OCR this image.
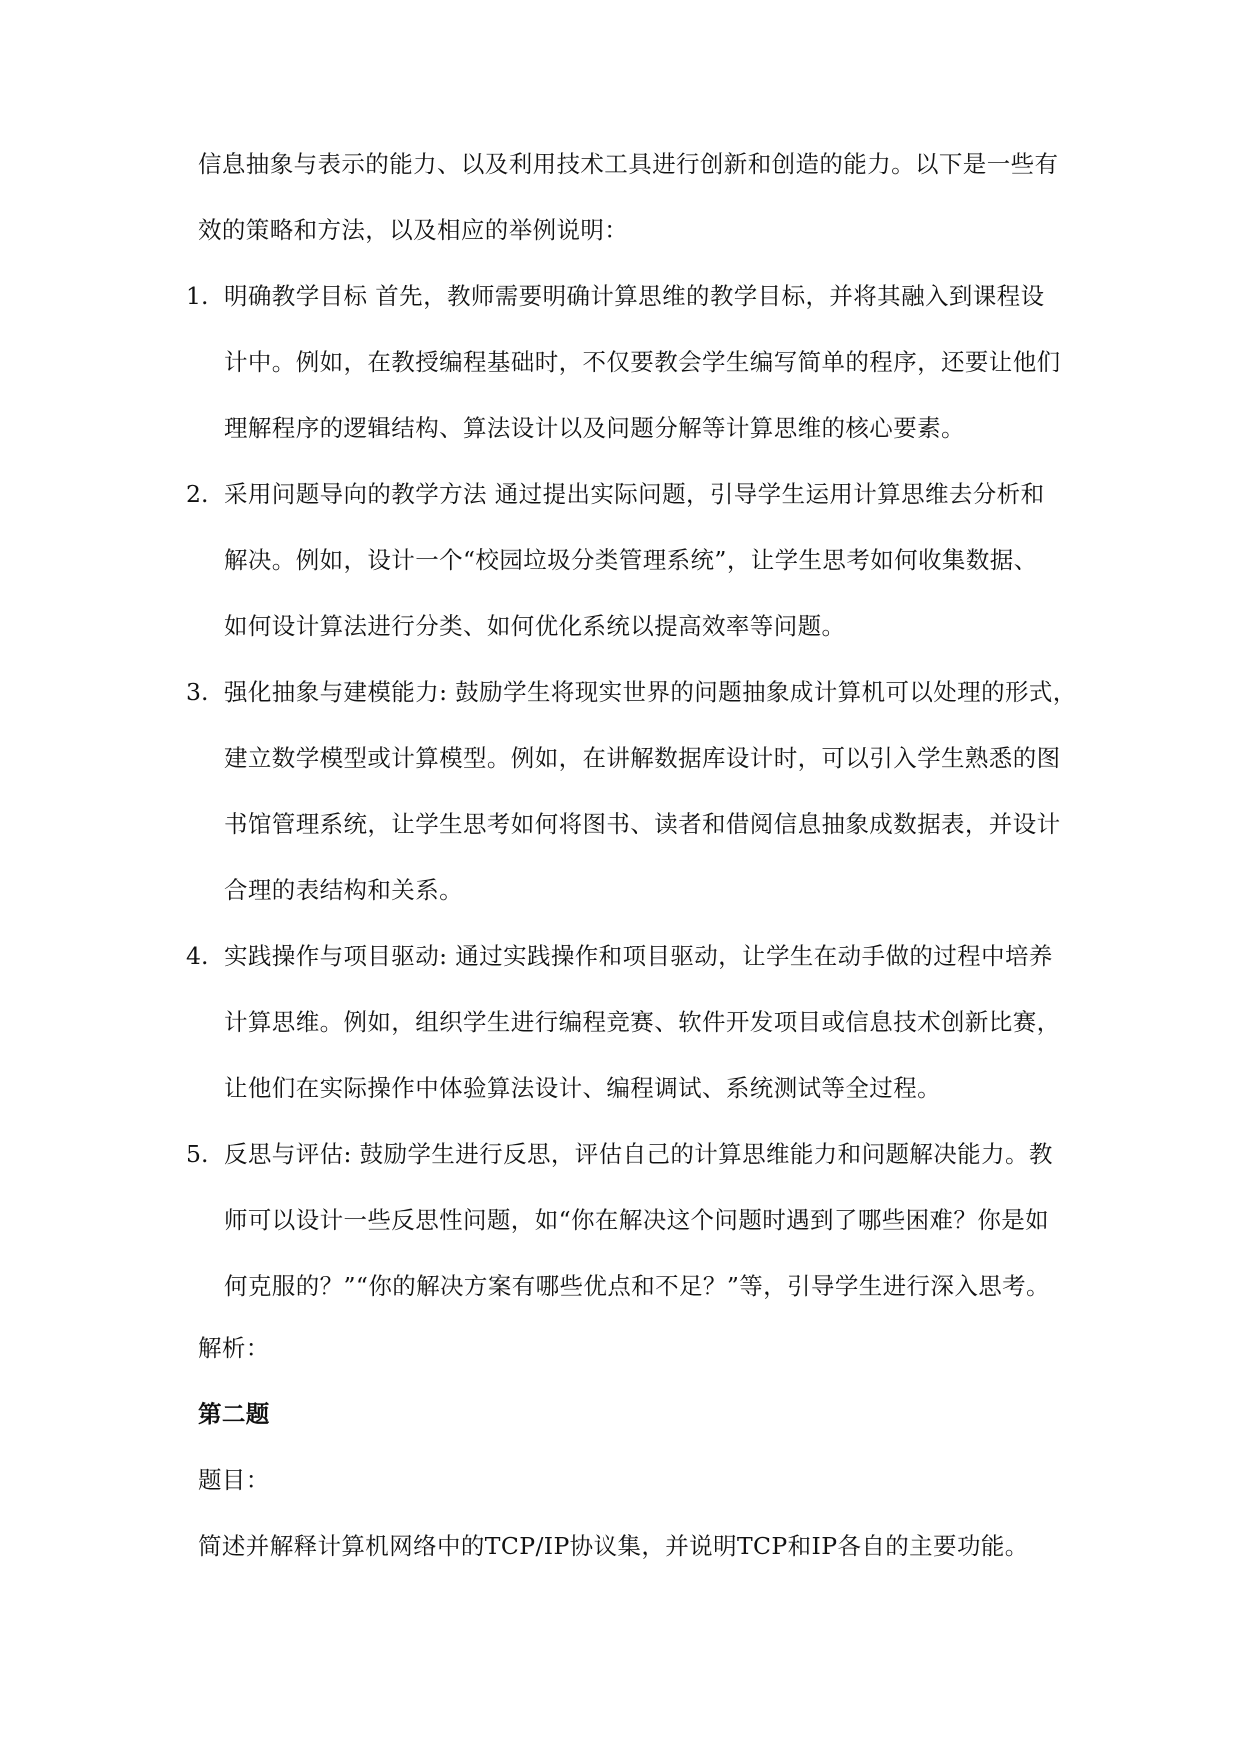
信息抽象与表示的能力、以及利用技术工具进行创新和创造的能力。以下是一些有
效的策略和方法，以及相应的举例说明：
1. 明确教学目标 首先，教师需要明确计算思维的教学目标，并将其融入到课程设
计中。例如，在教授编程基础时，不仅要教会学生编写简单的程序，还要让他们
理解程序的逻辑结构、算法设计以及问题分解等计算思维的核心要素。
2. 采用问题导向的教学方法 通过提出实际问题，引导学生运用计算思维去分析和
解决。例如，设计一个“校园垃圾分类管理系统”，让学生思考如何收集数据、
如何设计算法进行分类、如何优化系统以提高效率等问题。
3. 强化抽象与建模能力: 鼓励学生将现实世界的问题抽象成计算机可以处理的形式，
建立数学模型或计算模型。例如，在讲解数据库设计时，可以引入学生熟悉的图
书馆管理系统，让学生思考如何将图书、读者和借阅信息抽象成数据表，并设计
合理的表结构和关系。
4. 实践操作与项目驱动: 通过实践操作和项目驱动，让学生在动手做的过程中培养
计算思维。例如，组织学生进行编程竞赛、软件开发项目或信息技术创新比赛，
让他们在实际操作中体验算法设计、编程调试、系统测试等全过程。
5. 反思与评估: 鼓励学生进行反思，评估自己的计算思维能力和问题解决能力。教
师可以设计一些反思性问题，如“你在解决这个问题时遇到了哪些困难？你是如
何克服的？”“你的解决方案有哪些优点和不足？”等，引导学生进行深入思考。
解析：
第二题
题目：
简述并解释计算机网络中的TCP/IP协议集，并说明TCP和IP各自的主要功能。
